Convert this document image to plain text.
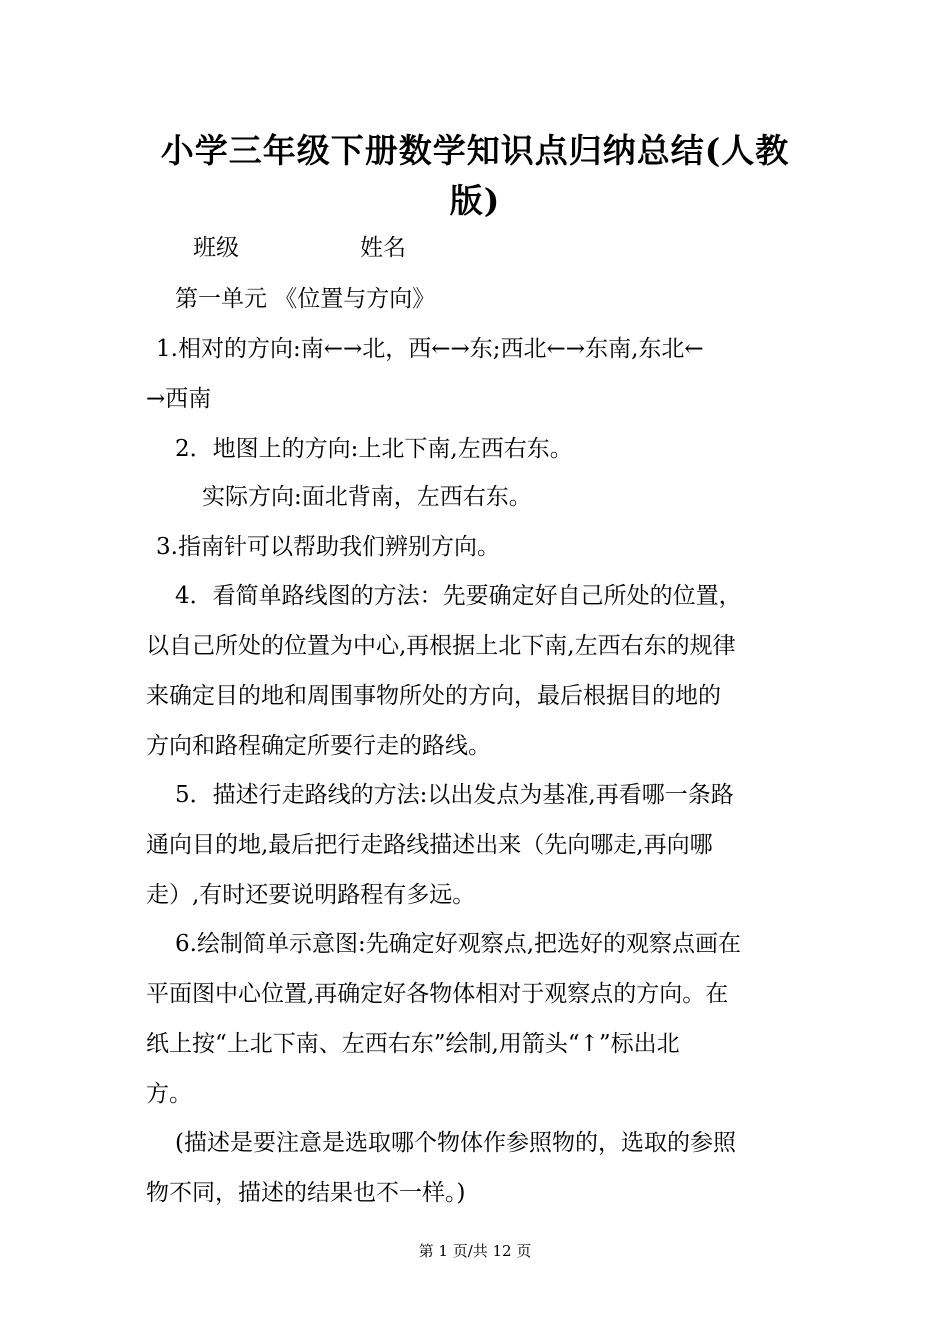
小学三年级下册数学知识点归纳总结(人教
版)
班级	姓名
第一单元 《位置与方向》
1.相对的方向:南←→北，西←→东;西北←→东南,东北←
→西南
2．地图上的方向:上北下南,左西右东。
实际方向:面北背南，左西右东。
3.指南针可以帮助我们辨别方向。
4．看简单路线图的方法：先要确定好自己所处的位置，
以自己所处的位置为中心,再根据上北下南,左西右东的规律
来确定目的地和周围事物所处的方向，最后根据目的地的
方向和路程确定所要行走的路线。
5．描述行走路线的方法:以出发点为基准,再看哪一条路
通向目的地,最后把行走路线描述出来（先向哪走,再向哪
走）,有时还要说明路程有多远。
6.绘制简单示意图:先确定好观察点,把选好的观察点画在
平面图中心位置,再确定好各物体相对于观察点的方向。在
纸上按“上北下南、左西右东”绘制,用箭头“↑”标出北
方。
(描述是要注意是选取哪个物体作参照物的，选取的参照
物不同，描述的结果也不一样。)
第 1 页/共 12 页
